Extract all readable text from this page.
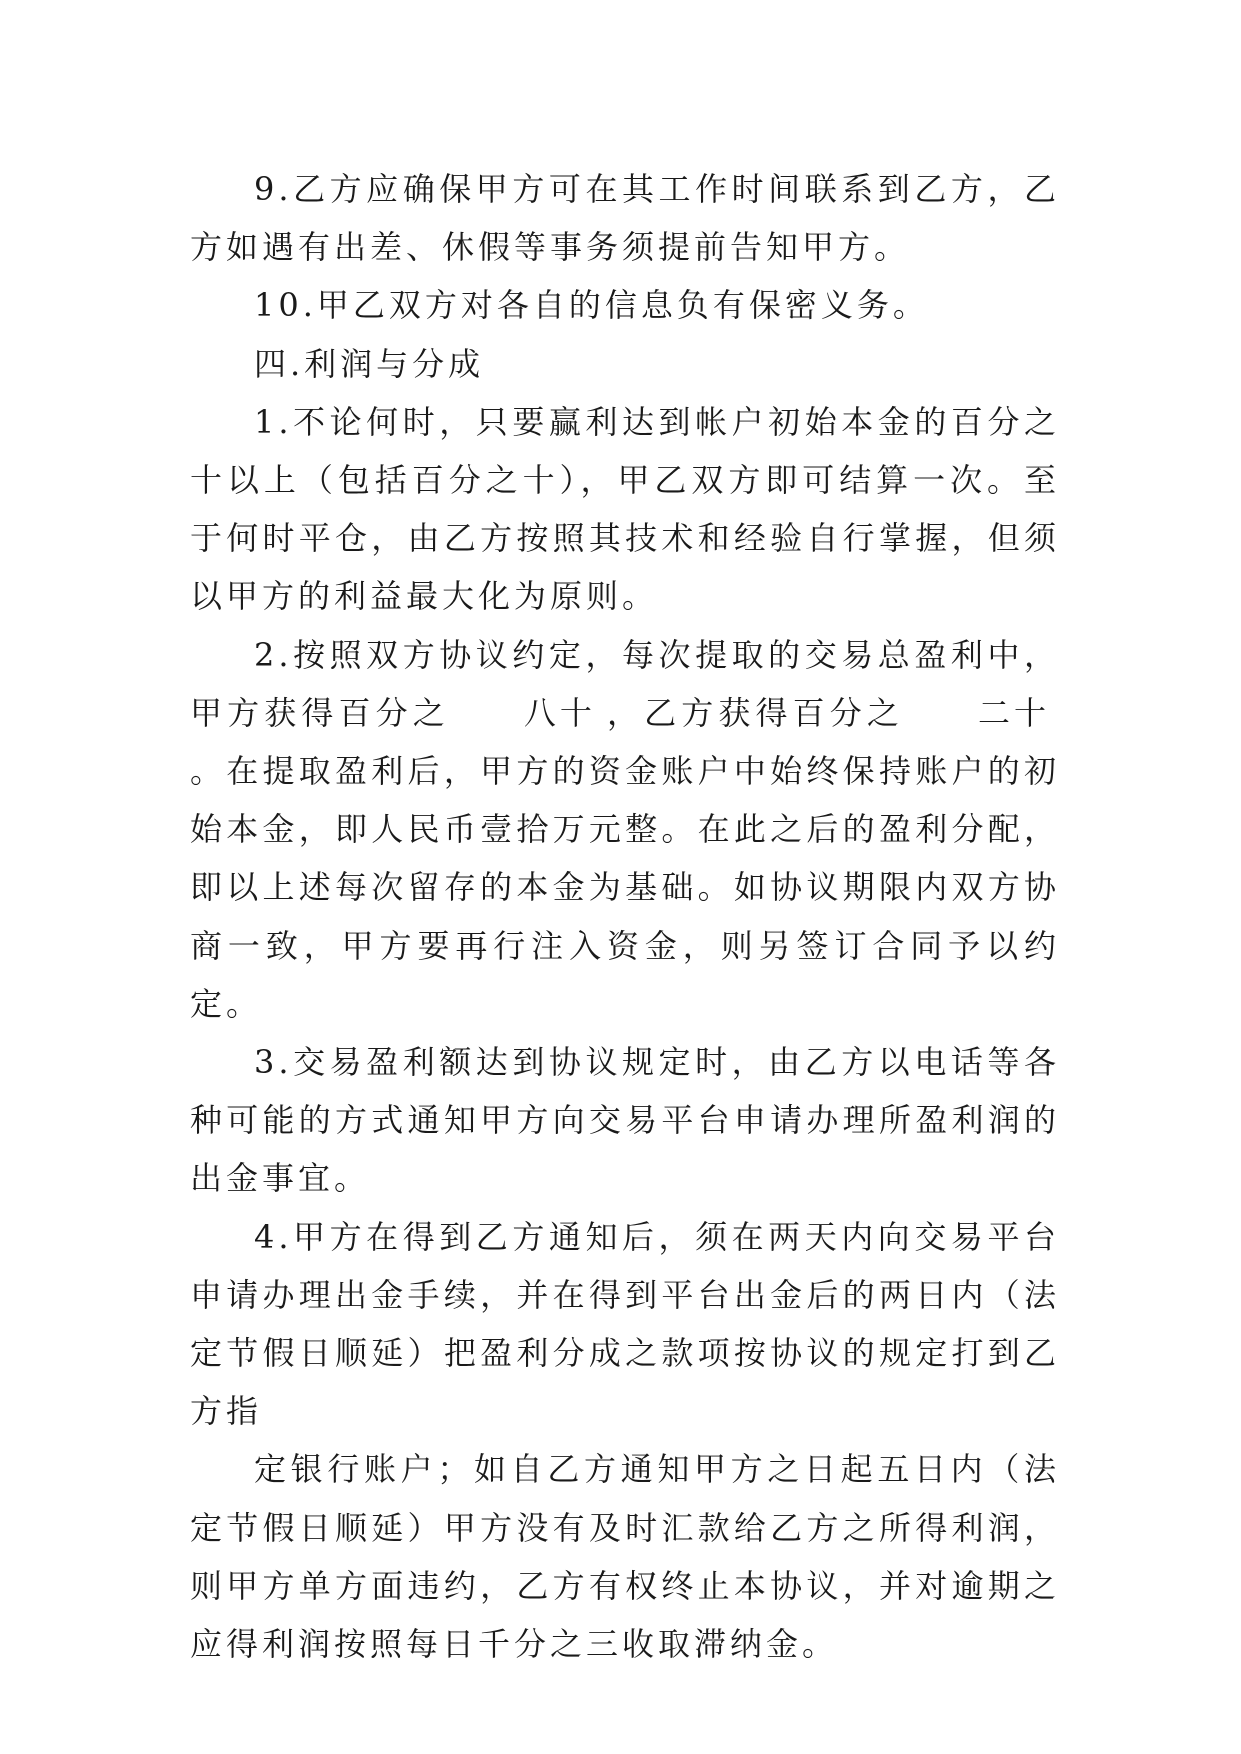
9.乙方应确保甲方可在其工作时间联系到乙方，乙方如遇有出差、休假等事务须提前告知甲方。

10.甲乙双方对各自的信息负有保密义务。

四.利润与分成

1.不论何时，只要赢利达到帐户初始本金的百分之十以上（包括百分之十），甲乙双方即可结算一次。至于何时平仓，由乙方按照其技术和经验自行掌握，但须以甲方的利益最大化为原则。

2.按照双方协议约定，每次提取的交易总盈利中，甲方获得百分之 八十 ，乙方获得百分之 二十。在提取盈利后，甲方的资金账户中始终保持账户的初始本金，即人民币壹拾万元整。在此之后的盈利分配，即以上述每次留存的本金为基础。如协议期限内双方协商一致，甲方要再行注入资金，则另签订合同予以约定。

3.交易盈利额达到协议规定时，由乙方以电话等各种可能的方式通知甲方向交易平台申请办理所盈利润的出金事宜。

4.甲方在得到乙方通知后，须在两天内向交易平台申请办理出金手续，并在得到平台出金后的两日内（法定节假日顺延）把盈利分成之款项按协议的规定打到乙方指

定银行账户；如自乙方通知甲方之日起五日内（法定节假日顺延）甲方没有及时汇款给乙方之所得利润，则甲方单方面违约，乙方有权终止本协议，并对逾期之应得利润按照每日千分之三收取滞纳金。
